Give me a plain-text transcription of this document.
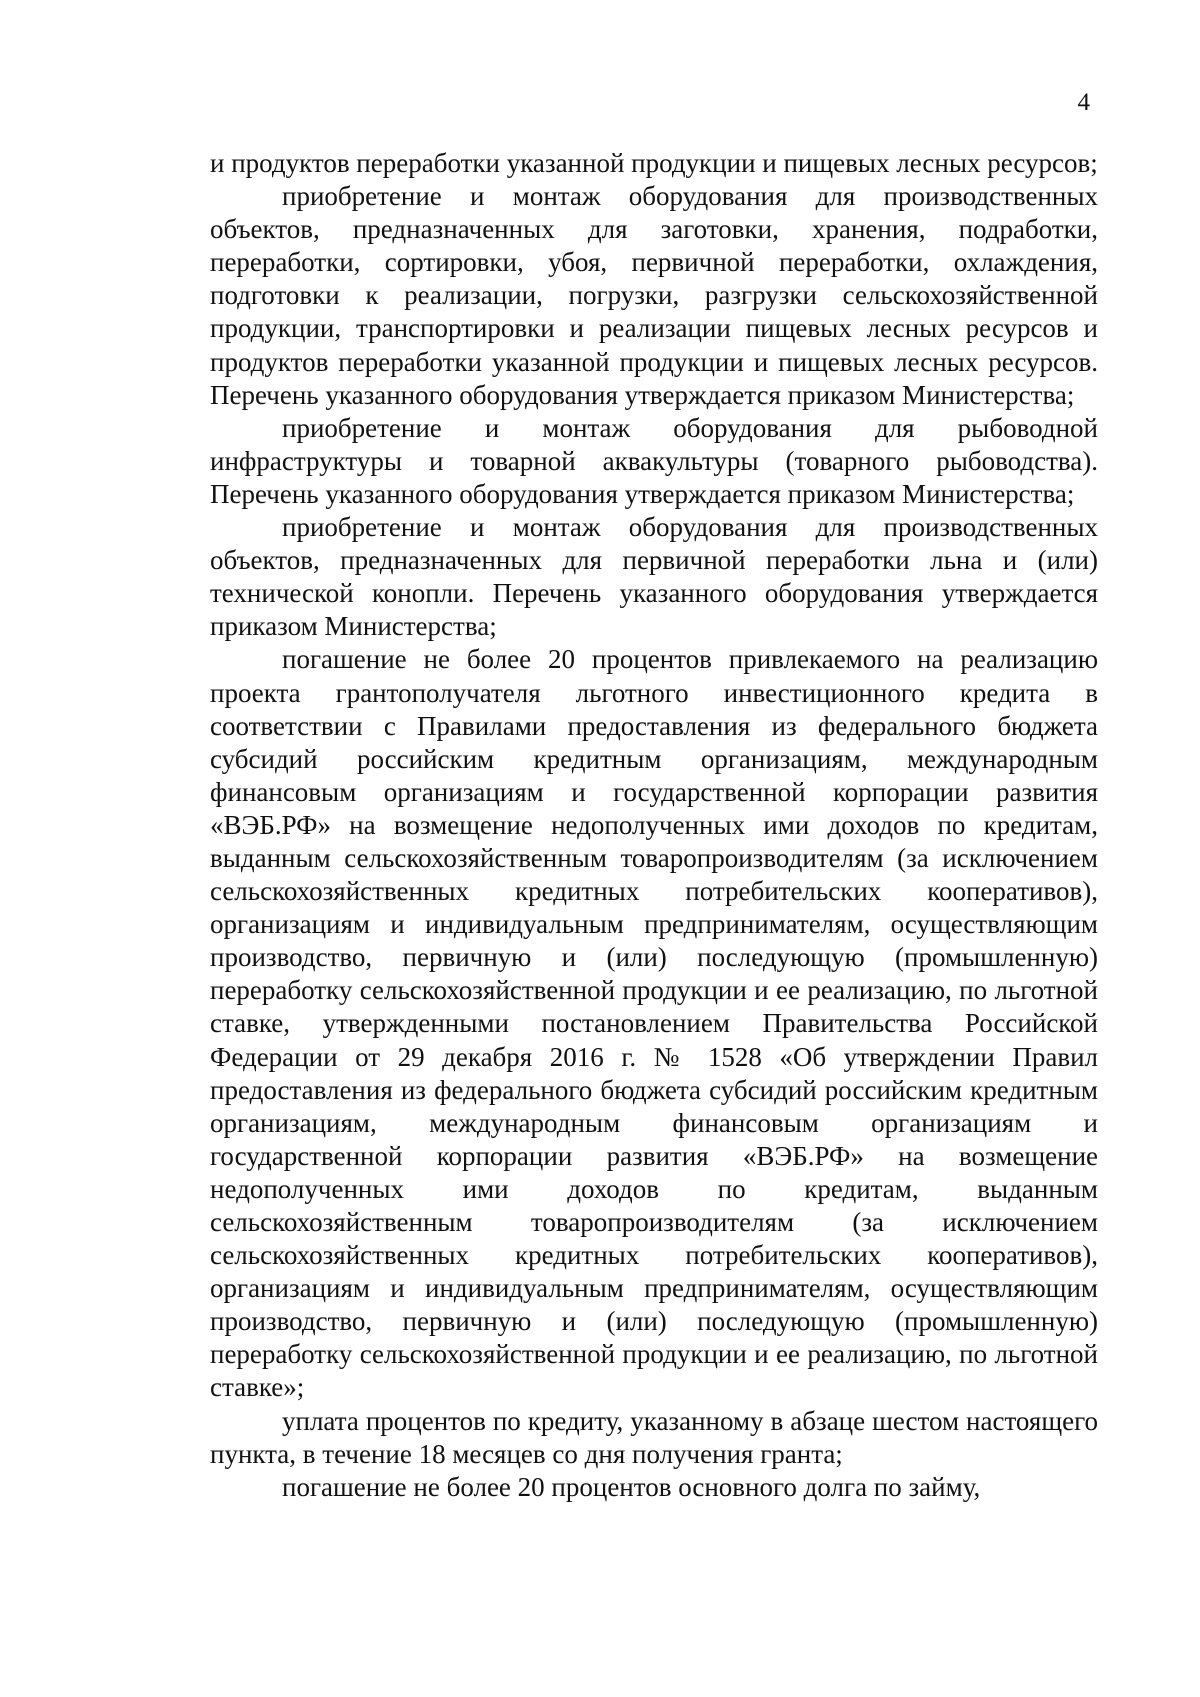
4

и продуктов переработки указанной продукции и пищевых лесных ресурсов;

приобретение и монтаж оборудования для производственных объектов, предназначенных для заготовки, хранения, подработки, переработки, сортировки, убоя, первичной переработки, охлаждения, подготовки к реализации, погрузки, разгрузки сельскохозяйственной продукции, транспортировки и реализации пищевых лесных ресурсов и продуктов переработки указанной продукции и пищевых лесных ресурсов. Перечень указанного оборудования утверждается приказом Министерства;

приобретение и монтаж оборудования для рыбоводной инфраструктуры и товарной аквакультуры (товарного рыбоводства). Перечень указанного оборудования утверждается приказом Министерства;

приобретение и монтаж оборудования для производственных объектов, предназначенных для первичной переработки льна и (или) технической конопли. Перечень указанного оборудования утверждается приказом Министерства;

погашение не более 20 процентов привлекаемого на реализацию проекта грантополучателя льготного инвестиционного кредита в соответствии с Правилами предоставления из федерального бюджета субсидий российским кредитным организациям, международным финансовым организациям и государственной корпорации развития «ВЭБ.РФ» на возмещение недополученных ими доходов по кредитам, выданным сельскохозяйственным товаропроизводителям (за исключением сельскохозяйственных кредитных потребительских кооперативов), организациям и индивидуальным предпринимателям, осуществляющим производство, первичную и (или) последующую (промышленную) переработку сельскохозяйственной продукции и ее реализацию, по льготной ставке, утвержденными постановлением Правительства Российской Федерации от 29 декабря 2016 г. № 1528 «Об утверждении Правил предоставления из федерального бюджета субсидий российским кредитным организациям, международным финансовым организациям и государственной корпорации развития «ВЭБ.РФ» на возмещение недополученных ими доходов по кредитам, выданным сельскохозяйственным товаропроизводителям (за исключением сельскохозяйственных кредитных потребительских кооперативов), организациям и индивидуальным предпринимателям, осуществляющим производство, первичную и (или) последующую (промышленную) переработку сельскохозяйственной продукции и ее реализацию, по льготной ставке»;

уплата процентов по кредиту, указанному в абзаце шестом настоящего пункта, в течение 18 месяцев со дня получения гранта;

погашение не более 20 процентов основного долга по займу,
